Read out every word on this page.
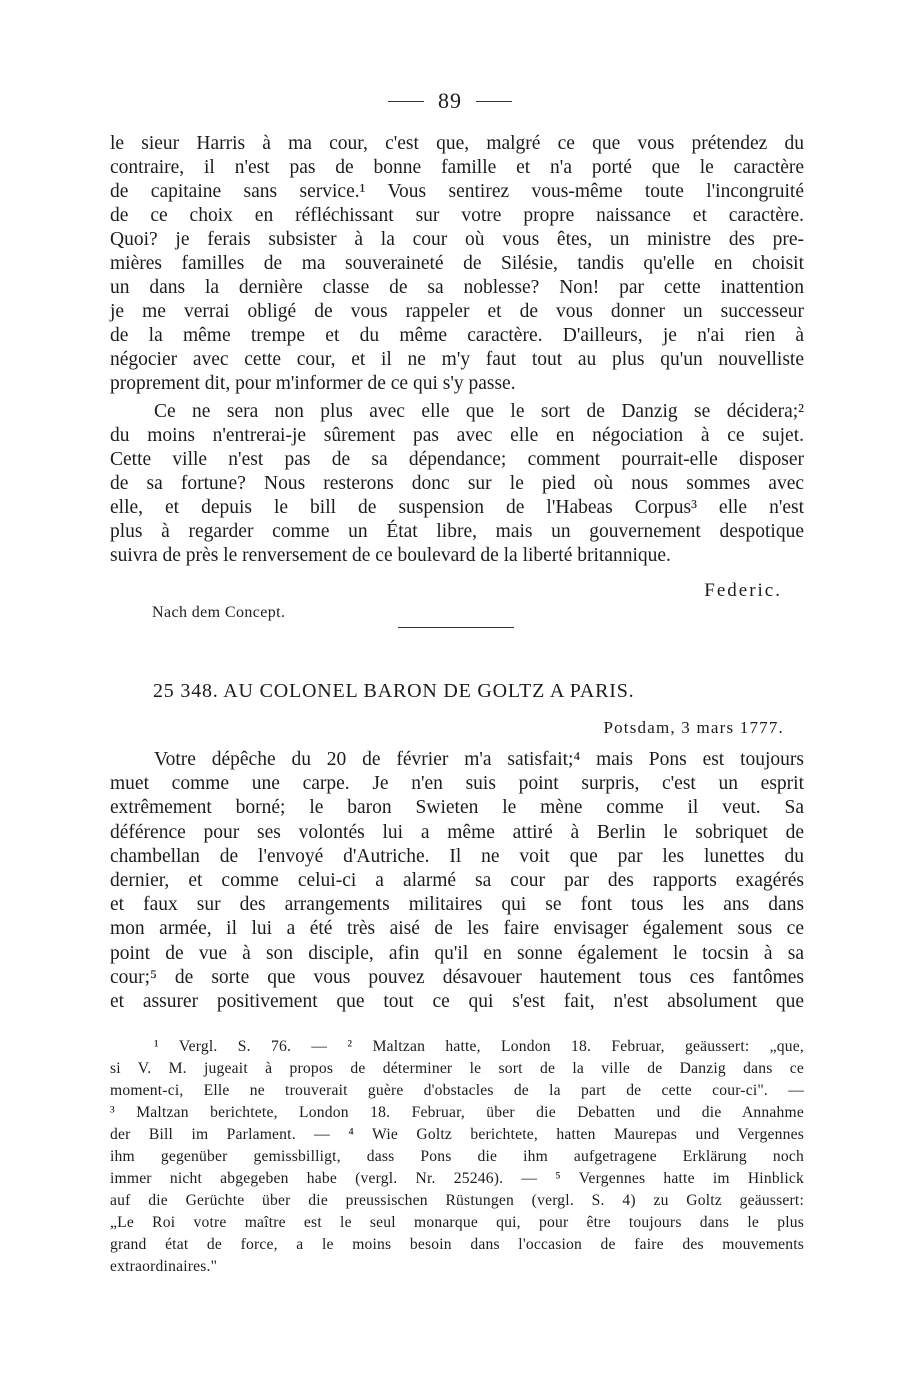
89
le sieur Harris à ma cour, c'est que, malgré ce que vous prétendez du
contraire, il n'est pas de bonne famille et n'a porté que le caractère
de capitaine sans service.¹ Vous sentirez vous-même toute l'incongruité
de ce choix en réfléchissant sur votre propre naissance et caractère.
Quoi? je ferais subsister à la cour où vous êtes, un ministre des pre-
mières familles de ma souveraineté de Silésie, tandis qu'elle en choisit
un dans la dernière classe de sa noblesse? Non! par cette inattention
je me verrai obligé de vous rappeler et de vous donner un successeur
de la même trempe et du même caractère. D'ailleurs, je n'ai rien à
négocier avec cette cour, et il ne m'y faut tout au plus qu'un nouvelliste
proprement dit, pour m'informer de ce qui s'y passe.
Ce ne sera non plus avec elle que le sort de Danzig se décidera;²
du moins n'entrerai-je sûrement pas avec elle en négociation à ce sujet.
Cette ville n'est pas de sa dépendance; comment pourrait-elle disposer
de sa fortune? Nous resterons donc sur le pied où nous sommes avec
elle, et depuis le bill de suspension de l'Habeas Corpus³ elle n'est
plus à regarder comme un État libre, mais un gouvernement despotique
suivra de près le renversement de ce boulevard de la liberté britannique.
Federic.
Nach dem Concept.
25 348. AU COLONEL BARON DE GOLTZ A PARIS.
Potsdam, 3 mars 1777.
Votre dépêche du 20 de février m'a satisfait;⁴ mais Pons est toujours
muet comme une carpe. Je n'en suis point surpris, c'est un esprit
extrêmement borné; le baron Swieten le mène comme il veut. Sa
déférence pour ses volontés lui a même attiré à Berlin le sobriquet de
chambellan de l'envoyé d'Autriche. Il ne voit que par les lunettes du
dernier, et comme celui-ci a alarmé sa cour par des rapports exagérés
et faux sur des arrangements militaires qui se font tous les ans dans
mon armée, il lui a été très aisé de les faire envisager également sous ce
point de vue à son disciple, afin qu'il en sonne également le tocsin à sa
cour;⁵ de sorte que vous pouvez désavouer hautement tous ces fantômes
et assurer positivement que tout ce qui s'est fait, n'est absolument que
¹ Vergl. S. 76. — ² Maltzan hatte, London 18. Februar, geäussert: „que,
si V. M. jugeait à propos de déterminer le sort de la ville de Danzig dans ce
moment-ci, Elle ne trouverait guère d'obstacles de la part de cette cour-ci". —
³ Maltzan berichtete, London 18. Februar, über die Debatten und die Annahme
der Bill im Parlament. — ⁴ Wie Goltz berichtete, hatten Maurepas und Vergennes
ihm gegenüber gemissbilligt, dass Pons die ihm aufgetragene Erklärung noch
immer nicht abgegeben habe (vergl. Nr. 25246). — ⁵ Vergennes hatte im Hinblick
auf die Gerüchte über die preussischen Rüstungen (vergl. S. 4) zu Goltz geäussert:
„Le Roi votre maître est le seul monarque qui, pour être toujours dans le plus
grand état de force, a le moins besoin dans l'occasion de faire des mouvements
extraordinaires."
